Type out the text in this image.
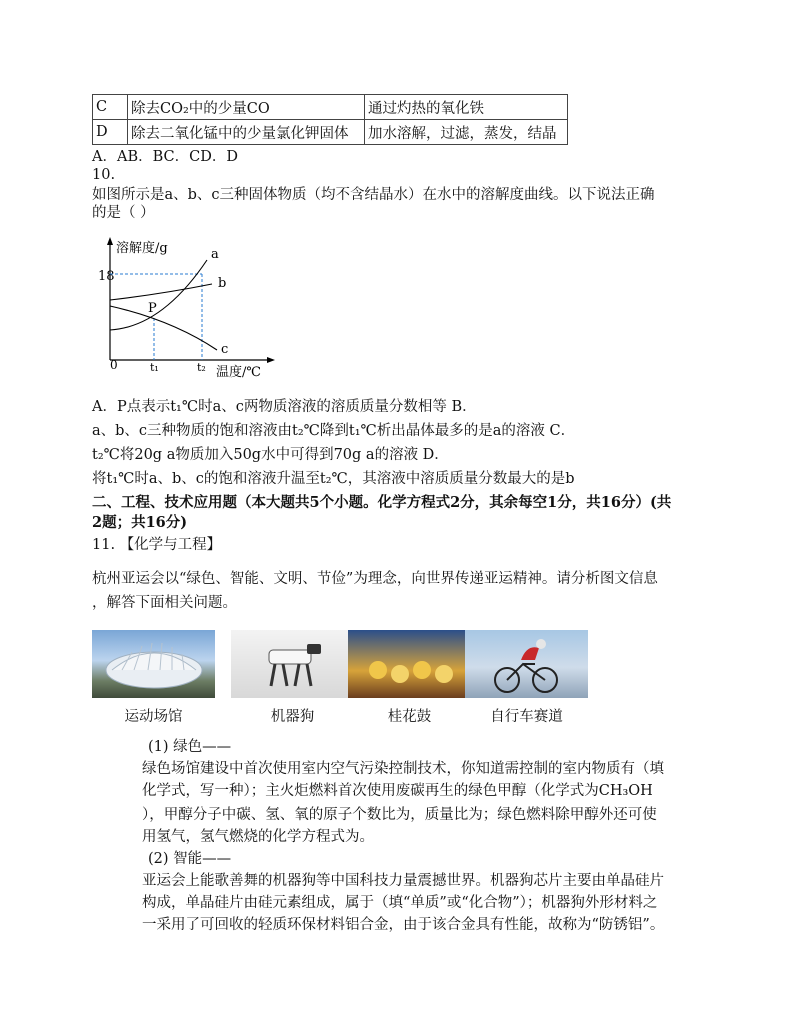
C	除去CO₂中的少量CO	通过灼热的氧化铁
D	除去二氧化锰中的少量氯化钾固体	加水溶解，过滤，蒸发，结晶
A．AB．BC．CD．D
10.
如图所示是a、b、c三种固体物质（均不含结晶水）在水中的溶解度曲线。以下说法正确
的是（ ）
溶解度/g
温度/℃
18
0	t₁	t₂
a
b
c
P
A．P点表示t₁℃时a、c两物质溶液的溶质质量分数相等 B．
a、b、c三种物质的饱和溶液由t₂℃降到t₁℃析出晶体最多的是a的溶液 C．
t₂℃将20g a物质加入50g水中可得到70g a的溶液 D．
将t₁℃时a、b、c的饱和溶液升温至t₂℃，其溶液中溶质质量分数最大的是b
二、工程、技术应用题（本大题共5个小题。化学方程式2分，其余每空1分，共16分）(共
2题；共16分)
11. 【化学与工程】
杭州亚运会以“绿色、智能、文明、节俭”为理念，向世界传递亚运精神。请分析图文信息
，解答下面相关问题。
运动场馆	机器狗	桂花鼓	自行车赛道
(1) 绿色——
绿色场馆建设中首次使用室内空气污染控制技术，你知道需控制的室内物质有（填
化学式，写一种）；主火炬燃料首次使用废碳再生的绿色甲醇（化学式为CH₃OH
），甲醇分子中碳、氢、氧的原子个数比为，质量比为；绿色燃料除甲醇外还可使
用氢气，氢气燃烧的化学方程式为。
(2) 智能——
亚运会上能歌善舞的机器狗等中国科技力量震撼世界。机器狗芯片主要由单晶硅片
构成，单晶硅片由硅元素组成，属于（填“单质”或“化合物”）；机器狗外形材料之
一采用了可回收的轻质环保材料铝合金，由于该合金具有性能，故称为“防锈铝”。
